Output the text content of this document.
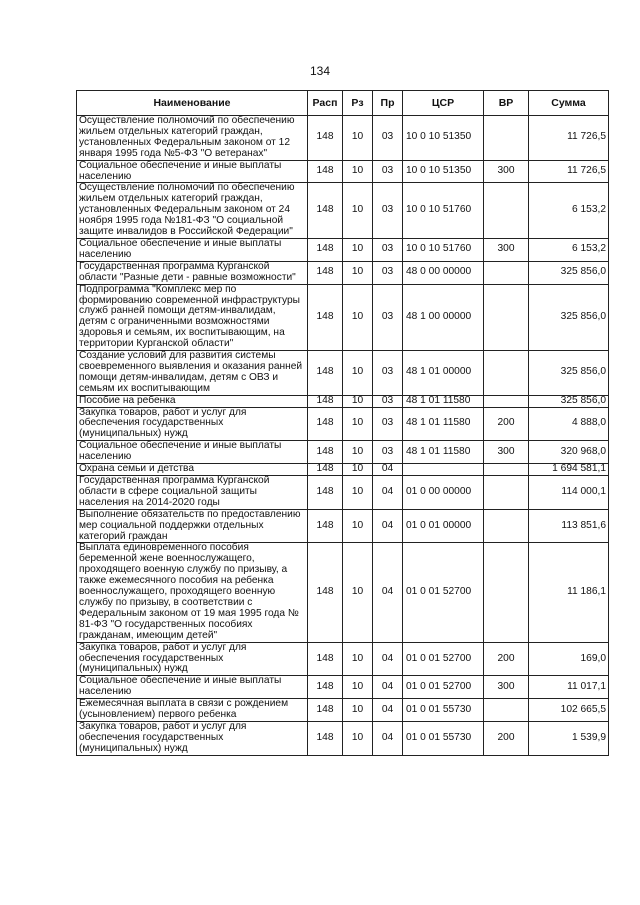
134
Наименование	Расп	Рз	Пр	ЦСР	ВР	Сумма
Осуществление полномочий по обеспечению жильем отдельных категорий граждан, установленных Федеральным законом от 12 января 1995 года №5-ФЗ "О ветеранах"	148	10	03	10 0 10 51350		11 726,5
Социальное обеспечение и иные выплаты населению	148	10	03	10 0 10 51350	300	11 726,5
Осуществление полномочий по обеспечению жильем отдельных категорий граждан, установленных Федеральным законом от 24 ноября 1995 года №181-ФЗ "О социальной защите инвалидов в Российской Федерации"	148	10	03	10 0 10 51760		6 153,2
Социальное обеспечение и иные выплаты населению	148	10	03	10 0 10 51760	300	6 153,2
Государственная программа Курганской области "Разные дети - равные возможности"	148	10	03	48 0 00 00000		325 856,0
Подпрограмма "Комплекс мер по формированию современной инфраструктуры служб ранней помощи детям-инвалидам, детям с ограниченными возможностями здоровья и семьям, их воспитывающим, на территории Курганской области"	148	10	03	48 1 00 00000		325 856,0
Создание условий для развития системы своевременного выявления и оказания ранней помощи детям-инвалидам, детям с ОВЗ и семьям их воспитывающим	148	10	03	48 1 01 00000		325 856,0
Пособие на ребенка	148	10	03	48 1 01 11580		325 856,0
Закупка товаров, работ и услуг для обеспечения государственных (муниципальных) нужд	148	10	03	48 1 01 11580	200	4 888,0
Социальное обеспечение и иные выплаты населению	148	10	03	48 1 01 11580	300	320 968,0
Охрана семьи и детства	148	10	04			1 694 581,1
Государственная программа Курганской области в сфере социальной защиты населения на 2014-2020 годы	148	10	04	01 0 00 00000		114 000,1
Выполнение обязательств по предоставлению мер социальной поддержки отдельных категорий граждан	148	10	04	01 0 01 00000		113 851,6
Выплата единовременного пособия беременной жене военнослужащего, проходящего военную службу по призыву, а также ежемесячного пособия на ребенка военнослужащего, проходящего военную службу по призыву, в соответствии с Федеральным законом от 19 мая 1995 года № 81-ФЗ "О государственных пособиях гражданам, имеющим детей"	148	10	04	01 0 01 52700		11 186,1
Закупка товаров, работ и услуг для обеспечения государственных (муниципальных) нужд	148	10	04	01 0 01 52700	200	169,0
Социальное обеспечение и иные выплаты населению	148	10	04	01 0 01 52700	300	11 017,1
Ежемесячная выплата в связи с рождением (усыновлением) первого ребенка	148	10	04	01 0 01 55730		102 665,5
Закупка товаров, работ и услуг для обеспечения государственных (муниципальных) нужд	148	10	04	01 0 01 55730	200	1 539,9
